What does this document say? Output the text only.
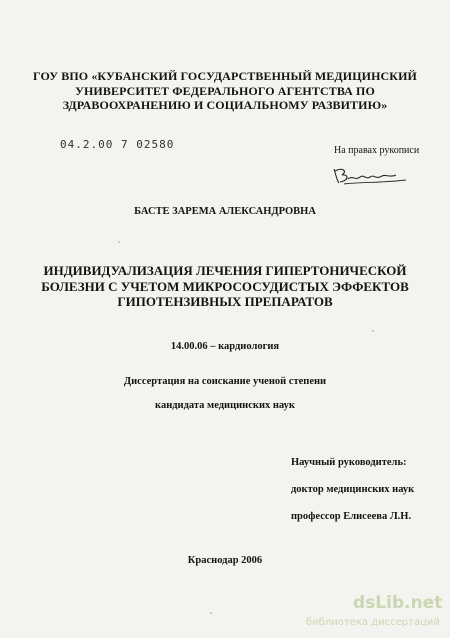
ГОУ ВПО «КУБАНСКИЙ ГОСУДАРСТВЕННЫЙ МЕДИЦИНСКИЙ
УНИВЕРСИТЕТ ФЕДЕРАЛЬНОГО АГЕНТСТВА ПО
ЗДРАВООХРАНЕНИЮ И СОЦИАЛЬНОМУ РАЗВИТИЮ»
04.2.00 7 02580	На правах рукописи
БАСТЕ ЗАРЕМА АЛЕКСАНДРОВНА
ИНДИВИДУАЛИЗАЦИЯ ЛЕЧЕНИЯ ГИПЕРТОНИЧЕСКОЙ
БОЛЕЗНИ С УЧЕТОМ МИКРОСОСУДИСТЫХ ЭФФЕКТОВ
ГИПОТЕНЗИВНЫХ ПРЕПАРАТОВ
14.00.06 – кардиология
Диссертация на соискание ученой степени
кандидата медицинских наук
Научный руководитель:
доктор медицинских наук
профессор Елисеева Л.Н.
Краснодар 2006
dsLib.net
библиотека диссертаций
